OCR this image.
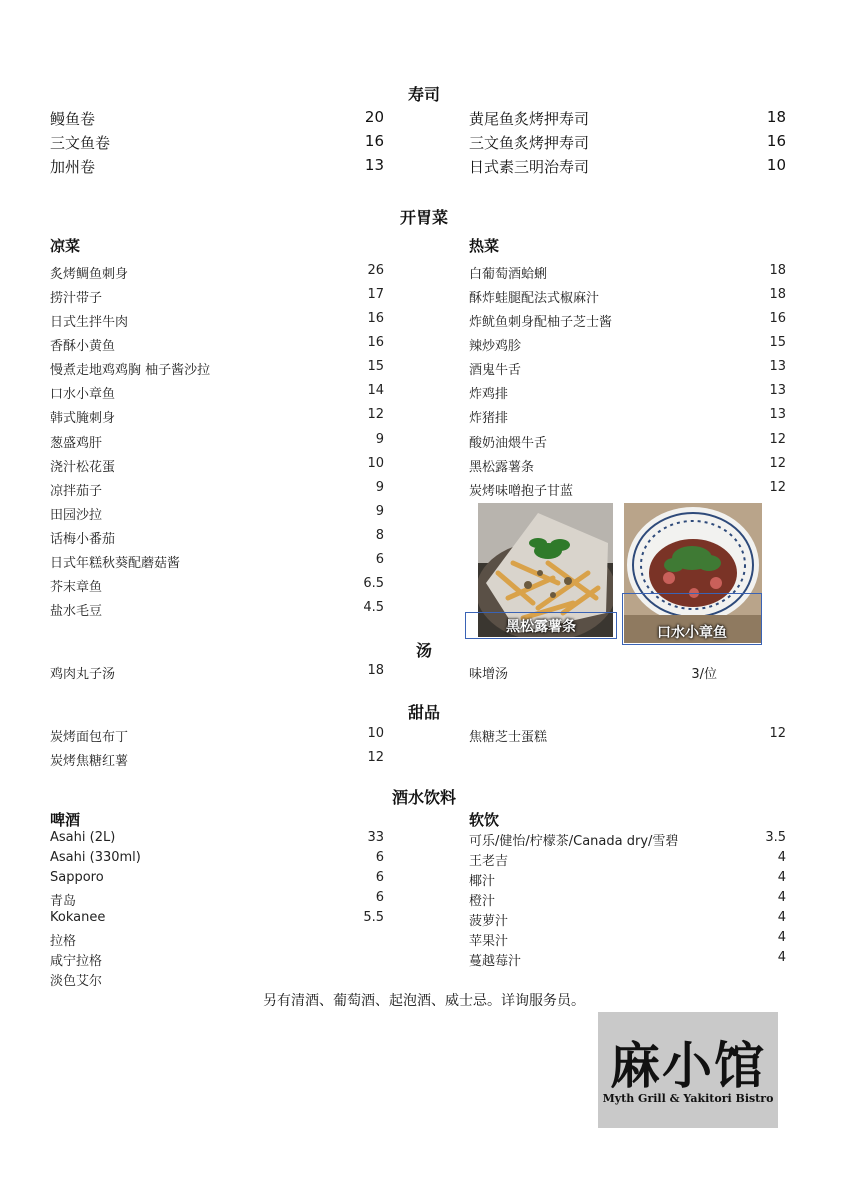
寿司
鳗鱼卷	20
三文鱼卷	16
加州卷	13
黄尾鱼炙烤押寿司	18
三文鱼炙烤押寿司	16
日式素三明治寿司	10
开胃菜
凉菜	热菜
炙烤鲷鱼刺身	26
捞汁带子	17
日式生拌牛肉	16
香酥小黄鱼	16
慢煮走地鸡鸡胸 柚子酱沙拉	15
口水小章鱼	14
韩式腌刺身	12
葱盛鸡肝	9
浇汁松花蛋	10
凉拌茄子	9
田园沙拉	9
话梅小番茄	8
日式年糕秋葵配蘑菇酱	6
芥末章鱼	6.5
盐水毛豆	4.5
白葡萄酒蛤蜊	18
酥炸蛙腿配法式椒麻汁	18
炸鱿鱼刺身配柚子芝士酱	16
辣炒鸡胗	15
酒鬼牛舌	13
炸鸡排	13
炸猪排	13
酸奶油煨牛舌	12
黑松露薯条	12
炭烤味噌抱子甘蓝	12
黑松露薯条	口水小章鱼
汤
鸡肉丸子汤	18	味增汤	3/位
甜品
炭烤面包布丁	10
炭烤焦糖红薯	12
焦糖芝士蛋糕	12
酒水饮料
啤酒	软饮
Asahi (2L)	33
Asahi (330ml)	6
Sapporo	6
青岛	6
Kokanee	5.5
拉格
咸宁拉格
淡色艾尔
可乐/健怡/柠檬茶/Canada dry/雪碧	3.5
王老吉	4
椰汁	4
橙汁	4
菠萝汁	4
苹果汁	4
蔓越莓汁	4
另有清酒、葡萄酒、起泡酒、威士忌。详询服务员。
麻小馆
Myth Grill & Yakitori Bistro
